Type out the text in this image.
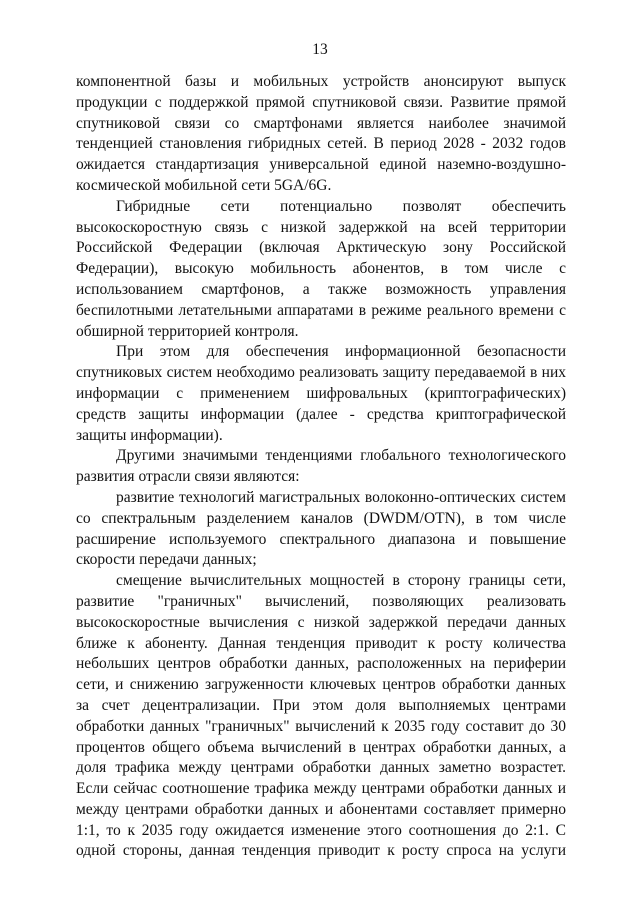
13

компонентной базы и мобильных устройств анонсируют выпуск продукции с поддержкой прямой спутниковой связи. Развитие прямой спутниковой связи со смартфонами является наиболее значимой тенденцией становления гибридных сетей. В период 2028 - 2032 годов ожидается стандартизация универсальной единой наземно-воздушно-космической мобильной сети 5GA/6G.

Гибридные сети потенциально позволят обеспечить высокоскоростную связь с низкой задержкой на всей территории Российской Федерации (включая Арктическую зону Российской Федерации), высокую мобильность абонентов, в том числе с использованием смартфонов, а также возможность управления беспилотными летательными аппаратами в режиме реального времени с обширной территорией контроля.

При этом для обеспечения информационной безопасности спутниковых систем необходимо реализовать защиту передаваемой в них информации с применением шифровальных (криптографических) средств защиты информации (далее - средства криптографической защиты информации).

Другими значимыми тенденциями глобального технологического развития отрасли связи являются:

развитие технологий магистральных волоконно-оптических систем со спектральным разделением каналов (DWDM/OTN), в том числе расширение используемого спектрального диапазона и повышение скорости передачи данных;

смещение вычислительных мощностей в сторону границы сети, развитие "граничных" вычислений, позволяющих реализовать высокоскоростные вычисления с низкой задержкой передачи данных ближе к абоненту. Данная тенденция приводит к росту количества небольших центров обработки данных, расположенных на периферии сети, и снижению загруженности ключевых центров обработки данных за счет децентрализации. При этом доля выполняемых центрами обработки данных "граничных" вычислений к 2035 году составит до 30 процентов общего объема вычислений в центрах обработки данных, а доля трафика между центрами обработки данных заметно возрастет. Если сейчас соотношение трафика между центрами обработки данных и между центрами обработки данных и абонентами составляет примерно 1:1, то к 2035 году ожидается изменение этого соотношения до 2:1. С одной стороны, данная тенденция приводит к росту спроса на услуги
